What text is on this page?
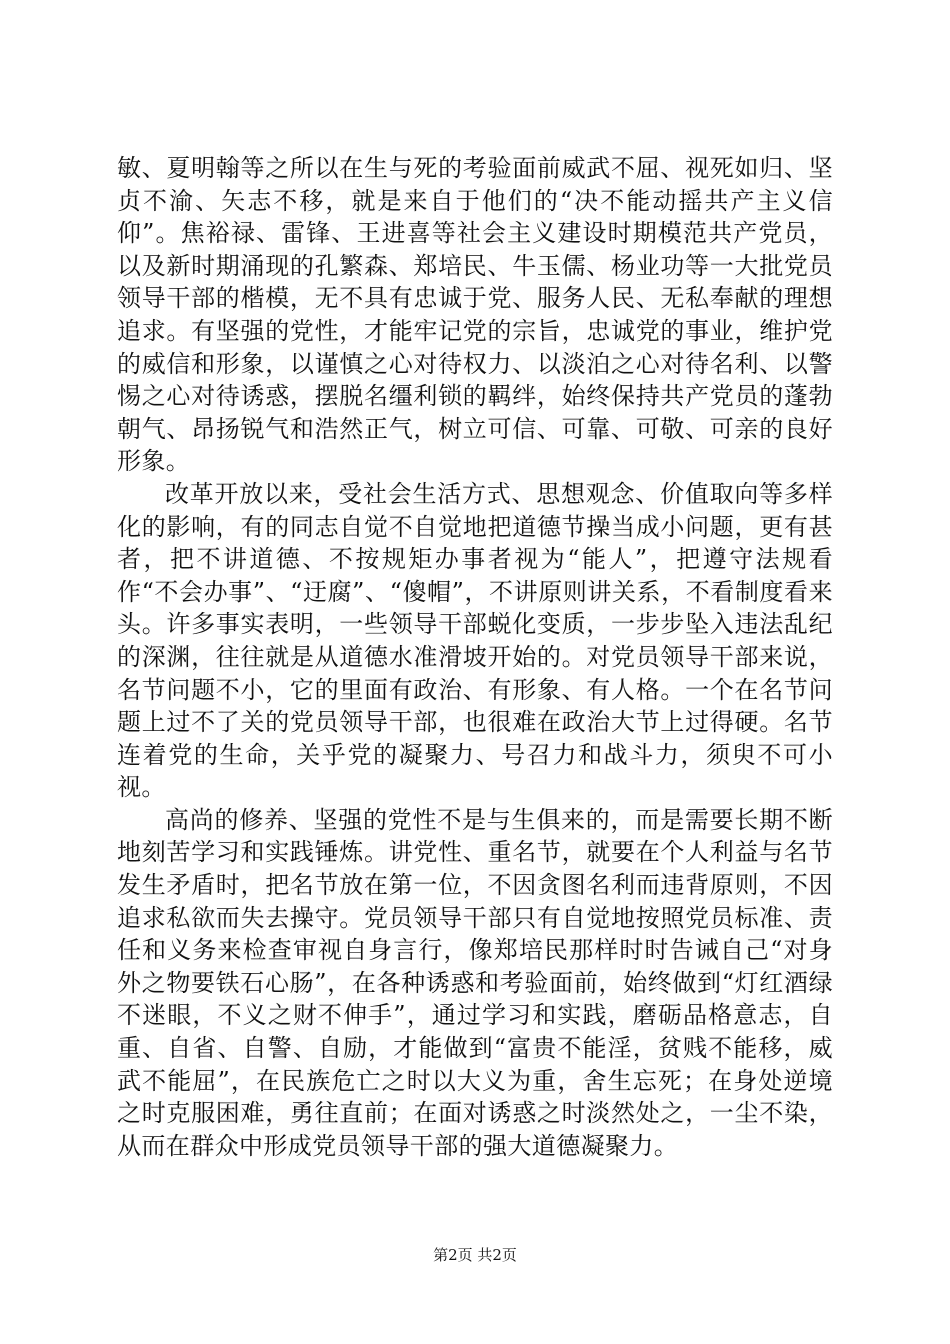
敏、夏明翰等之所以在生与死的考验面前威武不屈、视死如归、坚贞不渝、矢志不移，就是来自于他们的“决不能动摇共产主义信仰”。焦裕禄、雷锋、王进喜等社会主义建设时期模范共产党员，以及新时期涌现的孔繁森、郑培民、牛玉儒、杨业功等一大批党员领导干部的楷模，无不具有忠诚于党、服务人民、无私奉献的理想追求。有坚强的党性，才能牢记党的宗旨，忠诚党的事业，维护党的威信和形象，以谨慎之心对待权力、以淡泊之心对待名利、以警惕之心对待诱惑，摆脱名缰利锁的羁绊，始终保持共产党员的蓬勃朝气、昂扬锐气和浩然正气，树立可信、可靠、可敬、可亲的良好形象。

改革开放以来，受社会生活方式、思想观念、价值取向等多样化的影响，有的同志自觉不自觉地把道德节操当成小问题，更有甚者，把不讲道德、不按规矩办事者视为“能人”，把遵守法规看作“不会办事”、“迂腐”、“傻帽”，不讲原则讲关系，不看制度看来头。许多事实表明，一些领导干部蜕化变质，一步步坠入违法乱纪的深渊，往往就是从道德水准滑坡开始的。对党员领导干部来说，名节问题不小，它的里面有政治、有形象、有人格。一个在名节问题上过不了关的党员领导干部，也很难在政治大节上过得硬。名节连着党的生命，关乎党的凝聚力、号召力和战斗力，须臾不可小视。

高尚的修养、坚强的党性不是与生俱来的，而是需要长期不断地刻苦学习和实践锤炼。讲党性、重名节，就要在个人利益与名节发生矛盾时，把名节放在第一位，不因贪图名利而违背原则，不因追求私欲而失去操守。党员领导干部只有自觉地按照党员标准、责任和义务来检查审视自身言行，像郑培民那样时时告诫自己“对身外之物要铁石心肠”，在各种诱惑和考验面前，始终做到“灯红酒绿不迷眼，不义之财不伸手”，通过学习和实践，磨砺品格意志，自重、自省、自警、自励，才能做到“富贵不能淫，贫贱不能移，威武不能屈”，在民族危亡之时以大义为重，舍生忘死；在身处逆境之时克服困难，勇往直前；在面对诱惑之时淡然处之，一尘不染，从而在群众中形成党员领导干部的强大道德凝聚力。

第2页 共2页
